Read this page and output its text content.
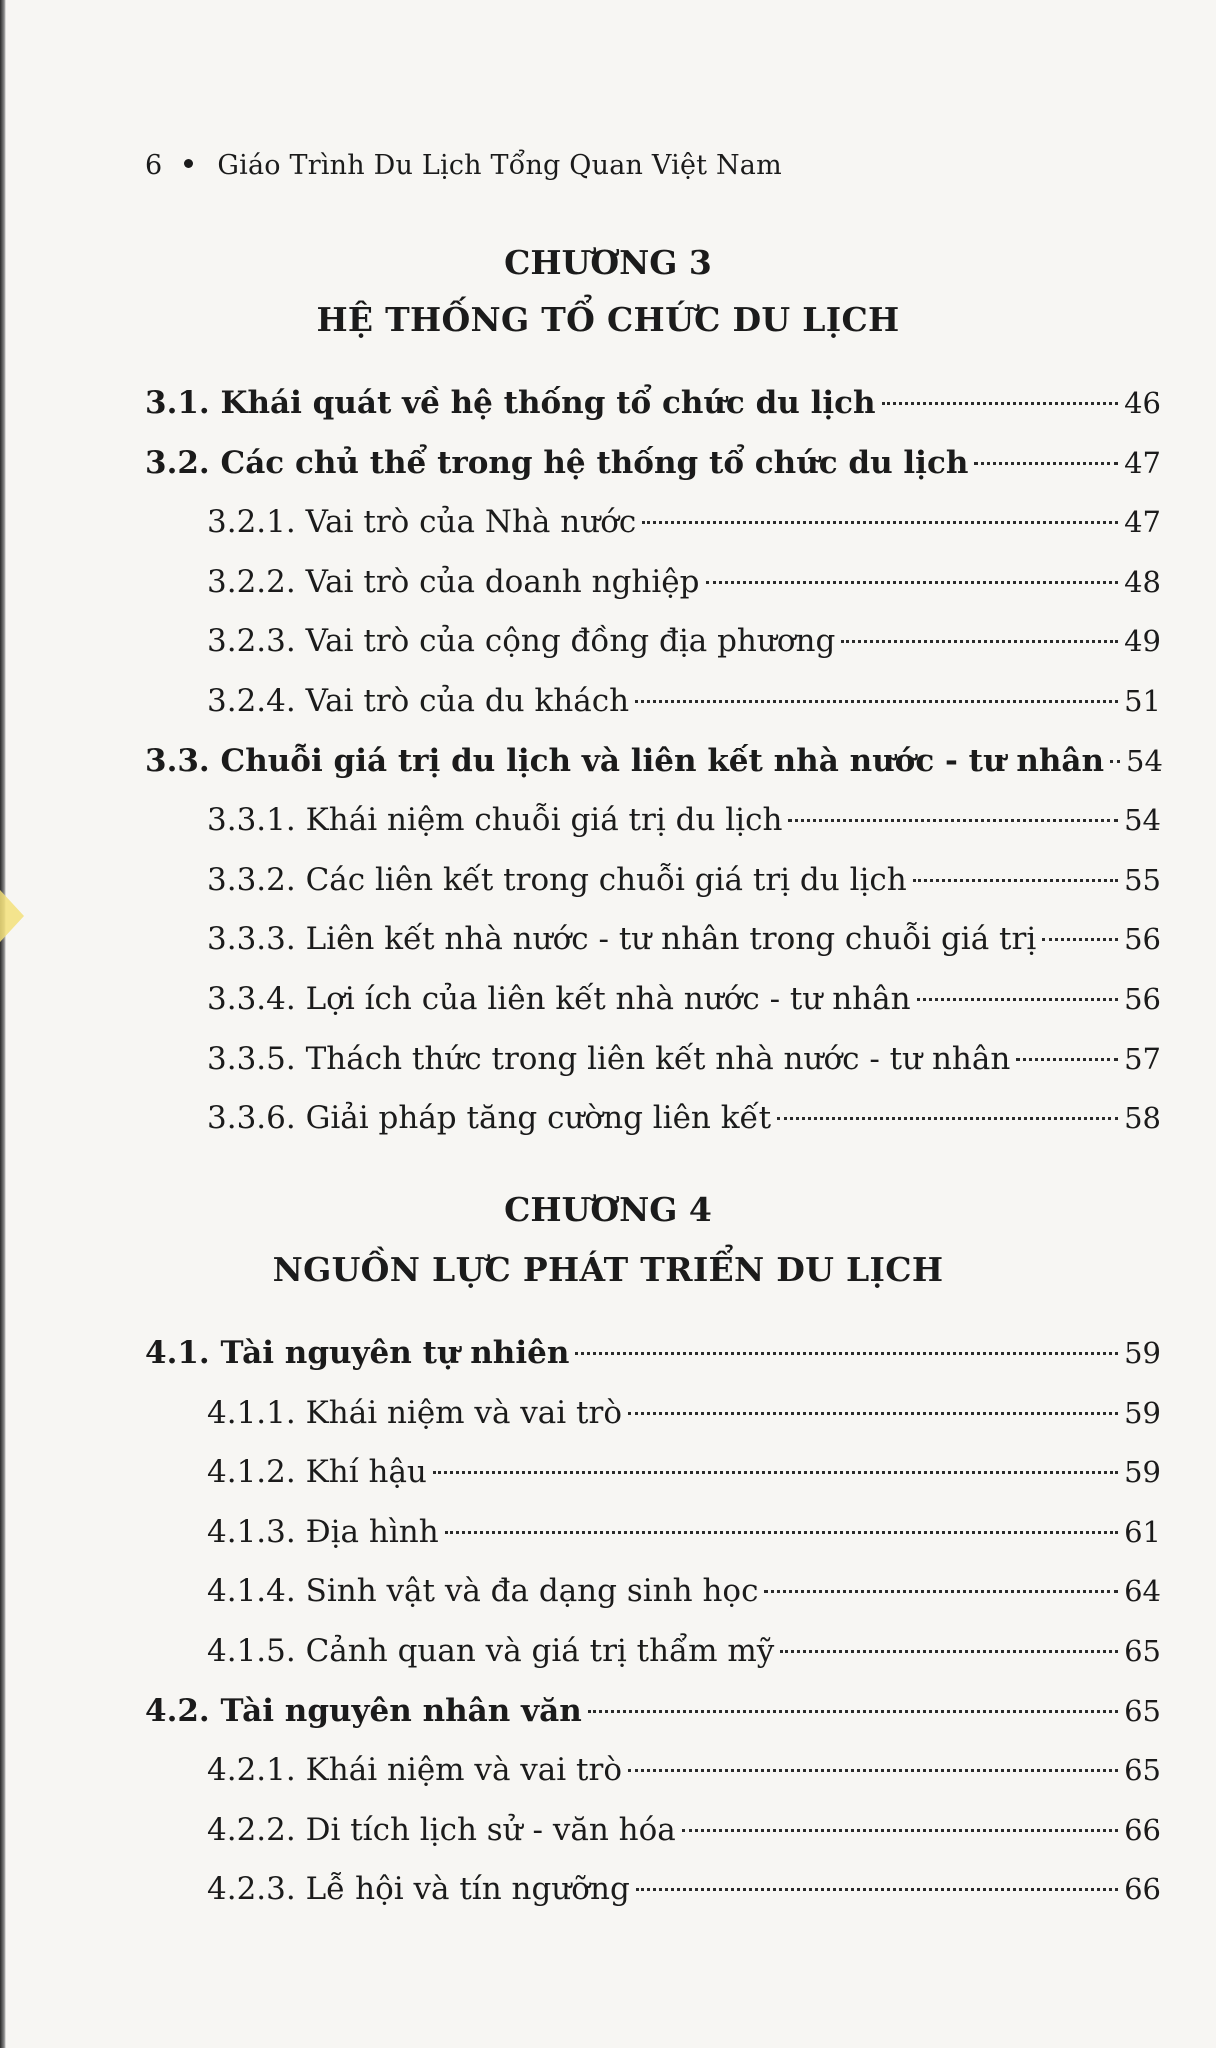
6 Giáo Trình Du Lịch Tổng Quan Việt Nam
CHƯƠNG 3
HỆ THỐNG TỔ CHỨC DU LỊCH
3.1. Khái quát về hệ thống tổ chức du lịch	46
3.2. Các chủ thể trong hệ thống tổ chức du lịch	47
3.2.1. Vai trò của Nhà nước	47
3.2.2. Vai trò của doanh nghiệp	48
3.2.3. Vai trò của cộng đồng địa phương	49
3.2.4. Vai trò của du khách	51
3.3. Chuỗi giá trị du lịch và liên kết nhà nước - tư nhân 54
3.3.1. Khái niệm chuỗi giá trị du lịch	54
3.3.2. Các liên kết trong chuỗi giá trị du lịch	55
3.3.3. Liên kết nhà nước - tư nhân trong chuỗi giá trị	56
3.3.4. Lợi ích của liên kết nhà nước - tư nhân	56
3.3.5. Thách thức trong liên kết nhà nước - tư nhân	57
3.3.6. Giải pháp tăng cường liên kết	58
CHƯƠNG 4
NGUỒN LỰC PHÁT TRIỂN DU LỊCH
4.1. Tài nguyên tự nhiên	59
4.1.1. Khái niệm và vai trò	59
4.1.2. Khí hậu	59
4.1.3. Địa hình	61
4.1.4. Sinh vật và đa dạng sinh học	64
4.1.5. Cảnh quan và giá trị thẩm mỹ	65
4.2. Tài nguyên nhân văn	65
4.2.1. Khái niệm và vai trò	65
4.2.2. Di tích lịch sử - văn hóa	66
4.2.3. Lễ hội và tín ngưỡng	66
